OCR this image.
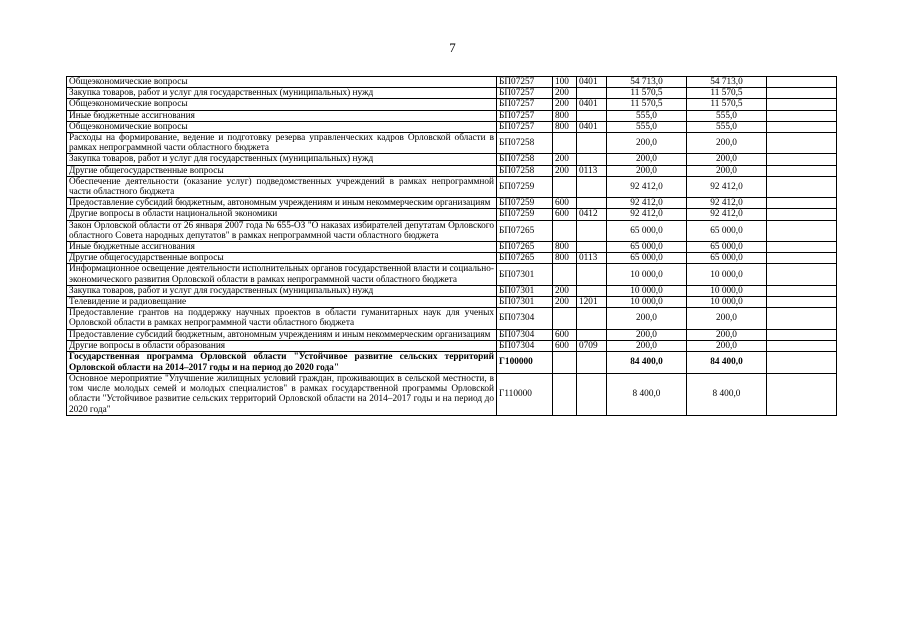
7
Общеэкономические вопросы	БП07257	100	0401	54 713,0	54 713,0	
Закупка товаров, работ и услуг для государственных (муниципальных) нужд	БП07257	200		11 570,5	11 570,5	
Общеэкономические вопросы	БП07257	200	0401	11 570,5	11 570,5	
Иные бюджетные ассигнования	БП07257	800		555,0	555,0	
Общеэкономические вопросы	БП07257	800	0401	555,0	555,0	
Расходы на формирование, ведение и подготовку резерва управленческих кадров Орловской области в рамках непрограммной части областного бюджета	БП07258			200,0	200,0	
Закупка товаров, работ и услуг для государственных (муниципальных) нужд	БП07258	200		200,0	200,0	
Другие общегосударственные вопросы	БП07258	200	0113	200,0	200,0	
Обеспечение деятельности (оказание услуг) подведомственных учреждений в рамках непрограммной части областного бюджета	БП07259			92 412,0	92 412,0	
Предоставление субсидий бюджетным, автономным учреждениям и иным некоммерческим организациям	БП07259	600		92 412,0	92 412,0	
Другие вопросы в области национальной экономики	БП07259	600	0412	92 412,0	92 412,0	
Закон Орловской области от 26 января 2007 года № 655-ОЗ "О наказах избирателей депутатам Орловского областного Совета народных депутатов" в рамках непрограммной части областного бюджета	БП07265			65 000,0	65 000,0	
Иные бюджетные ассигнования	БП07265	800		65 000,0	65 000,0	
Другие общегосударственные вопросы	БП07265	800	0113	65 000,0	65 000,0	
Информационное освещение деятельности исполнительных органов государственной власти и социально-экономического развития Орловской области в рамках непрограммной части областного бюджета	БП07301			10 000,0	10 000,0	
Закупка товаров, работ и услуг для государственных (муниципальных) нужд	БП07301	200		10 000,0	10 000,0	
Телевидение и радиовещание	БП07301	200	1201	10 000,0	10 000,0	
Предоставление грантов на поддержку научных проектов в области гуманитарных наук для ученых Орловской области в рамках непрограммной части областного бюджета	БП07304			200,0	200,0	
Предоставление субсидий бюджетным, автономным учреждениям и иным некоммерческим организациям	БП07304	600		200,0	200,0	
Другие вопросы в области образования	БП07304	600	0709	200,0	200,0	
Государственная программа Орловской области "Устойчивое развитие сельских территорий Орловской области на 2014–2017 годы и на период до 2020 года"	Г100000			84 400,0	84 400,0	
Основное мероприятие "Улучшение жилищных условий граждан, проживающих в сельской местности, в том числе молодых семей и молодых специалистов" в рамках государственной программы Орловской области "Устойчивое развитие сельских территорий Орловской области на 2014–2017 годы и на период до 2020 года"	Г110000			8 400,0	8 400,0	
